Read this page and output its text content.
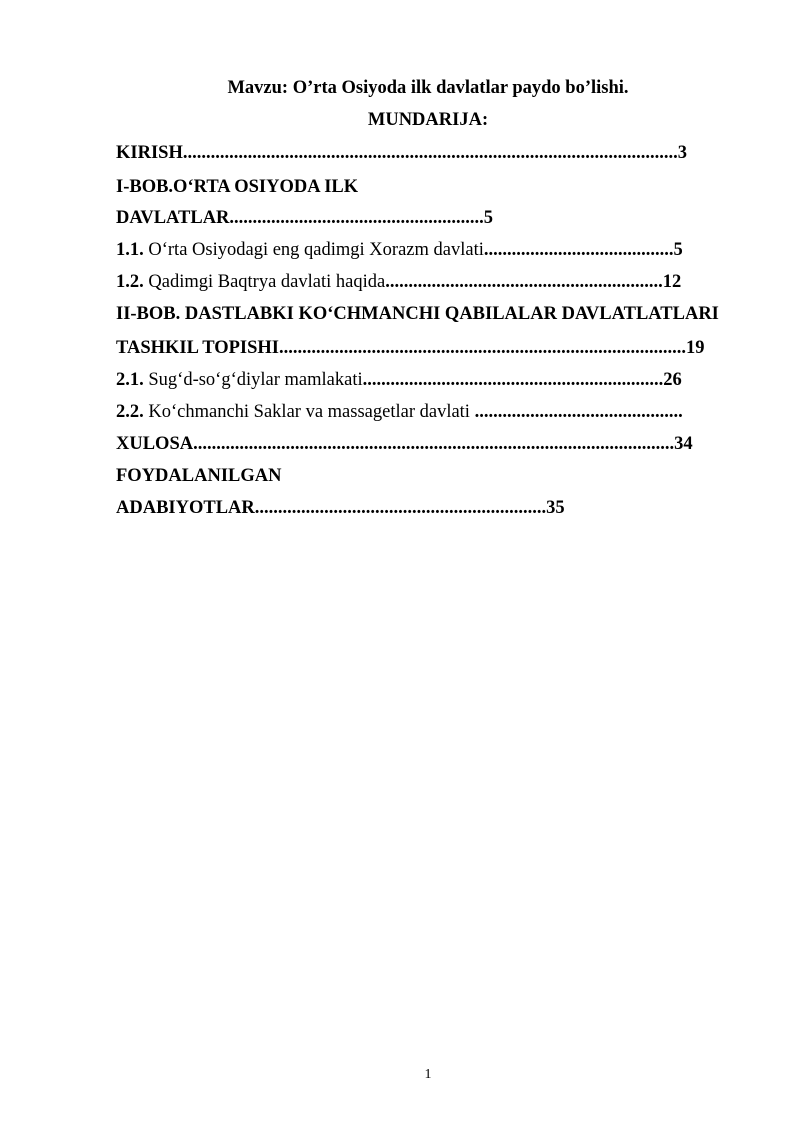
Mavzu: O’rta Osiyoda ilk davlatlar paydo bo’lishi.
MUNDARIJA:
KIRISH...........................................................................................................3
I-BOB.O‘RTA OSIYODA ILK
DAVLATLAR.......................................................5
1.1. O‘rta Osiyodagi eng qadimgi Xorazm davlati.........................................5
1.2. Qadimgi Baqtrya davlati haqida............................................................12
II-BOB. DASTLABKI KO‘CHMANCHI QABILALAR DAVLATLATLARI
TASHKIL TOPISHI........................................................................................19
2.1. Sug‘d-so‘g‘diylar mamlakati.................................................................26
2.2. Ko‘chmanchi Saklar va massagetlar davlati .............................................
XULOSA........................................................................................................34
FOYDALANILGAN
ADABIYOTLAR...............................................................35
1
